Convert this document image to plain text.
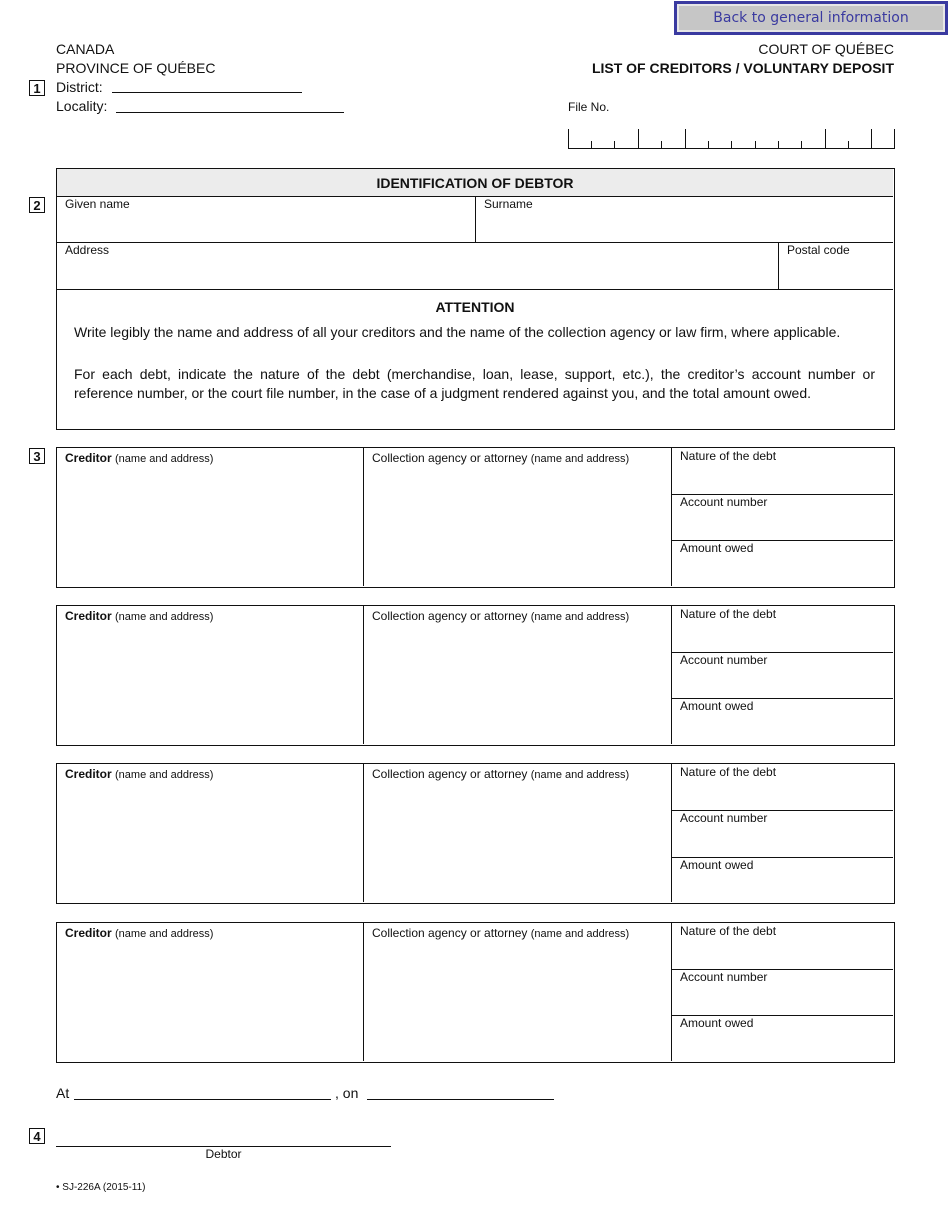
Back to general information
CANADA
PROVINCE OF QUÉBEC
1	District:
Locality:
COURT OF QUÉBEC
LIST OF CREDITORS / VOLUNTARY DEPOSIT
File No.
2
IDENTIFICATION OF DEBTOR
Given name	Surname
Address	Postal code
ATTENTION
Write legibly the name and address of all your creditors and the name of the collection agency or law firm, where applicable.
For each debt, indicate the nature of the debt (merchandise, loan, lease, support, etc.), the creditor’s account number or reference number, or the court file number, in the case of a judgment rendered against you, and the total amount owed.
3	Creditor (name and address)	Collection agency or attorney (name and address)	Nature of the debt
Account number
Amount owed
Creditor (name and address)	Collection agency or attorney (name and address)	Nature of the debt
Account number
Amount owed
Creditor (name and address)	Collection agency or attorney (name and address)	Nature of the debt
Account number
Amount owed
Creditor (name and address)	Collection agency or attorney (name and address)	Nature of the debt
Account number
Amount owed
At	, on
4
Debtor
• SJ-226A (2015-11)
